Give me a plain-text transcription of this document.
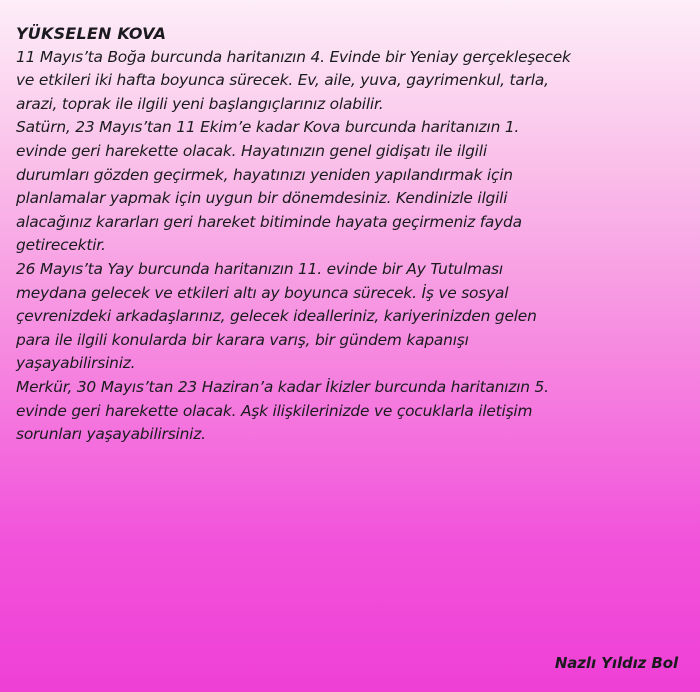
YÜKSELEN KOVA
11 Mayıs’ta Boğa burcunda haritanızın 4. Evinde bir Yeniay gerçekleşecek
ve etkileri iki hafta boyunca sürecek. Ev, aile, yuva, gayrimenkul, tarla,
arazi, toprak ile ilgili yeni başlangıçlarınız olabilir.
Satürn, 23 Mayıs’tan 11 Ekim’e kadar Kova burcunda haritanızın 1.
evinde geri harekette olacak. Hayatınızın genel gidişatı ile ilgili
durumları gözden geçirmek, hayatınızı yeniden yapılandırmak için
planlamalar yapmak için uygun bir dönemdesiniz. Kendinizle ilgili
alacağınız kararları geri hareket bitiminde hayata geçirmeniz fayda
getirecektir.
26 Mayıs’ta Yay burcunda haritanızın 11. evinde bir Ay Tutulması
meydana gelecek ve etkileri altı ay boyunca sürecek. İş ve sosyal
çevrenizdeki arkadaşlarınız, gelecek idealleriniz, kariyerinizden gelen
para ile ilgili konularda bir karara varış, bir gündem kapanışı
yaşayabilirsiniz.
Merkür, 30 Mayıs’tan 23 Haziran’a kadar İkizler burcunda haritanızın 5.
evinde geri harekette olacak. Aşk ilişkilerinizde ve çocuklarla iletişim
sorunları yaşayabilirsiniz.
Nazlı Yıldız Bol
